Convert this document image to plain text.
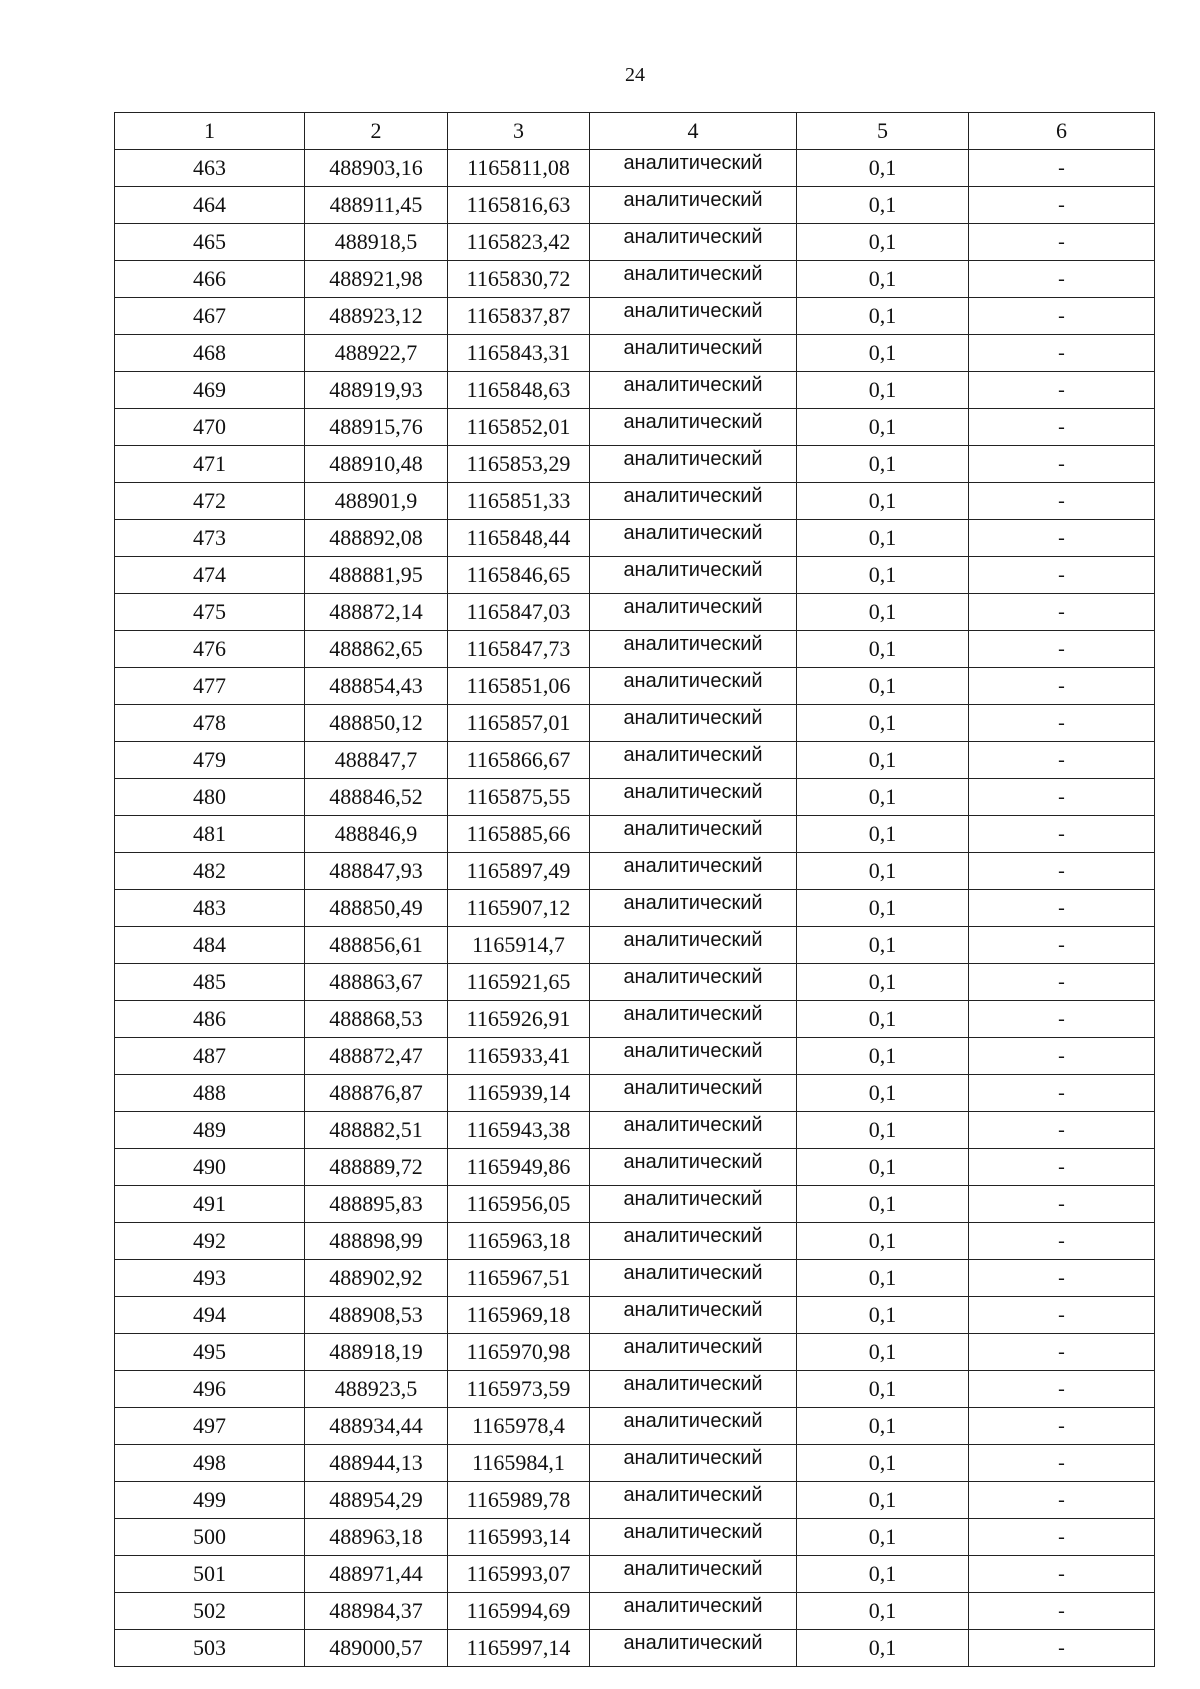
24
1	2	3	4	5	6
463	488903,16	1165811,08	аналитический	0,1	-
464	488911,45	1165816,63	аналитический	0,1	-
465	488918,5	1165823,42	аналитический	0,1	-
466	488921,98	1165830,72	аналитический	0,1	-
467	488923,12	1165837,87	аналитический	0,1	-
468	488922,7	1165843,31	аналитический	0,1	-
469	488919,93	1165848,63	аналитический	0,1	-
470	488915,76	1165852,01	аналитический	0,1	-
471	488910,48	1165853,29	аналитический	0,1	-
472	488901,9	1165851,33	аналитический	0,1	-
473	488892,08	1165848,44	аналитический	0,1	-
474	488881,95	1165846,65	аналитический	0,1	-
475	488872,14	1165847,03	аналитический	0,1	-
476	488862,65	1165847,73	аналитический	0,1	-
477	488854,43	1165851,06	аналитический	0,1	-
478	488850,12	1165857,01	аналитический	0,1	-
479	488847,7	1165866,67	аналитический	0,1	-
480	488846,52	1165875,55	аналитический	0,1	-
481	488846,9	1165885,66	аналитический	0,1	-
482	488847,93	1165897,49	аналитический	0,1	-
483	488850,49	1165907,12	аналитический	0,1	-
484	488856,61	1165914,7	аналитический	0,1	-
485	488863,67	1165921,65	аналитический	0,1	-
486	488868,53	1165926,91	аналитический	0,1	-
487	488872,47	1165933,41	аналитический	0,1	-
488	488876,87	1165939,14	аналитический	0,1	-
489	488882,51	1165943,38	аналитический	0,1	-
490	488889,72	1165949,86	аналитический	0,1	-
491	488895,83	1165956,05	аналитический	0,1	-
492	488898,99	1165963,18	аналитический	0,1	-
493	488902,92	1165967,51	аналитический	0,1	-
494	488908,53	1165969,18	аналитический	0,1	-
495	488918,19	1165970,98	аналитический	0,1	-
496	488923,5	1165973,59	аналитический	0,1	-
497	488934,44	1165978,4	аналитический	0,1	-
498	488944,13	1165984,1	аналитический	0,1	-
499	488954,29	1165989,78	аналитический	0,1	-
500	488963,18	1165993,14	аналитический	0,1	-
501	488971,44	1165993,07	аналитический	0,1	-
502	488984,37	1165994,69	аналитический	0,1	-
503	489000,57	1165997,14	аналитический	0,1	-
